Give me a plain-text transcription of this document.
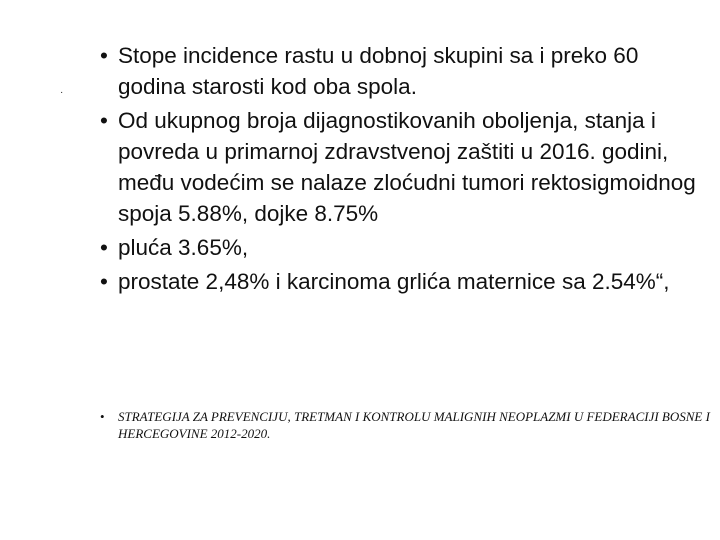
·
• Stope incidence rastu u dobnoj skupini sa i preko 60 godina starosti kod oba spola.
• Od ukupnog broja dijagnostikovanih oboljenja, stanja i povreda u primarnoj zdravstvenoj zaštiti u 2016. godini, među vodećim se nalaze zloćudni tumori rektosigmoidnog spoja 5.88%, dojke 8.75%
• pluća 3.65%,
• prostate 2,48% i karcinoma grlića maternice sa 2.54%“,
• STRATEGIJA ZA PREVENCIJU, TRETMAN I KONTROLU MALIGNIH NEOPLAZMI U FEDERACIJI BOSNE I HERCEGOVINE 2012-2020.
